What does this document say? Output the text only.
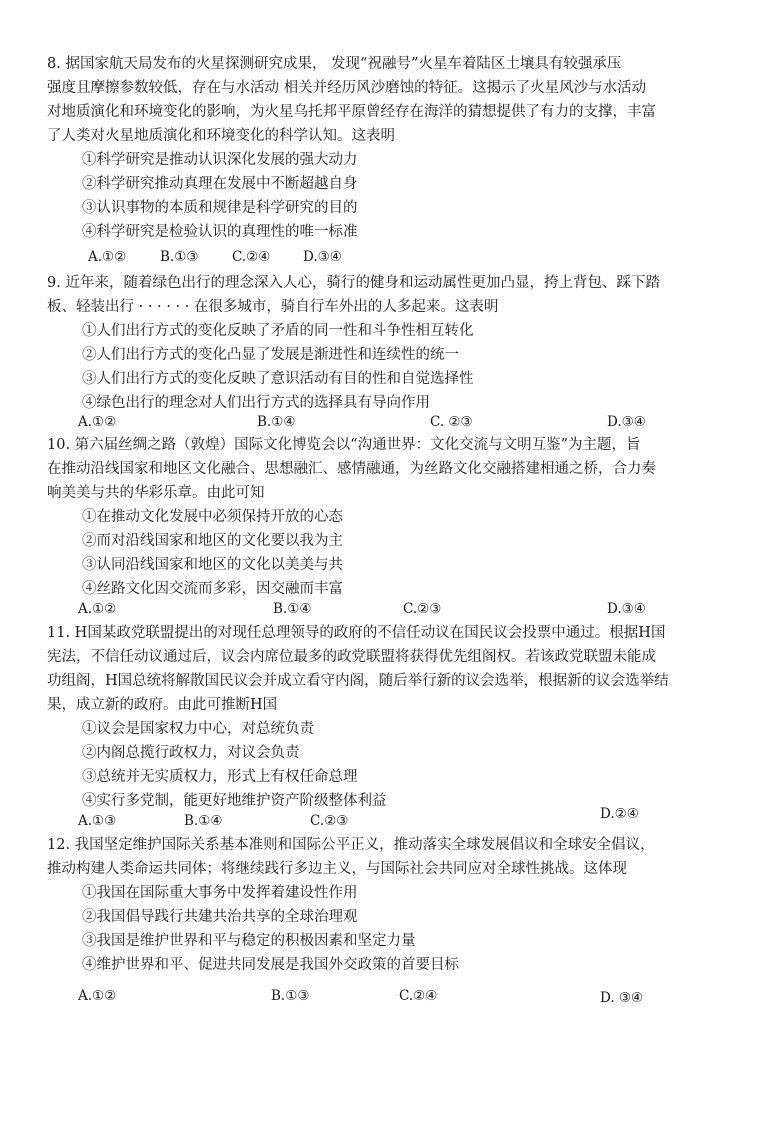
8. 据国家航天局发布的火星探测研究成果， 发现“祝融号”火星车着陆区土壤具有较强承压
强度且摩擦参数较低，存在与水活动 相关并经历风沙磨蚀的特征。这揭示了火星风沙与水活动
对地质演化和环境变化的影响，为火星乌托邦平原曾经存在海洋的猜想提供了有力的支撑，丰富
了人类对火星地质演化和环境变化的科学认知。这表明
①科学研究是推动认识深化发展的强大动力
②科学研究推动真理在发展中不断超越自身
③认识事物的本质和规律是科学研究的目的
④科学研究是检验认识的真理性的唯一标准
A.①②	B.①③ C.②④ D.③④
9. 近年来，随着绿色出行的理念深入人心，骑行的健身和运动属性更加凸显，挎上背包、踩下踏
板、轻装出行 · · · · · · 在很多城市，骑自行车外出的人多起来。这表明
①人们出行方式的变化反映了矛盾的同一性和斗争性相互转化
②人们出行方式的变化凸显了发展是渐进性和连续性的统一
③人们出行方式的变化反映了意识活动有目的性和自觉选择性
④绿色出行的理念对人们出行方式的选择具有导向作用
A.①②	B.①④	C. ②③	D.③④
10. 第六届丝绸之路（敦煌）国际文化博览会以“沟通世界：文化交流与文明互鉴”为主题，旨
在推动沿线国家和地区文化融合、思想融汇、感情融通，为丝路文化交融搭建相通之桥，合力奏
响美美与共的华彩乐章。由此可知
①在推动文化发展中必须保持开放的心态
②而对沿线国家和地区的文化要以我为主
③认同沿线国家和地区的文化以美美与共
④丝路文化因交流而多彩，因交融而丰富
A.①②	B.①④	C.②③	D.③④
11. H国某政党联盟提出的对现任总理领导的政府的不信任动议在国民议会投票中通过。根据H国
宪法，不信任动议通过后，议会内席位最多的政党联盟将获得优先组阁权。若该政党联盟未能成
功组阁，H国总统将解散国民议会并成立看守内阁，随后举行新的议会选举，根据新的议会选举结
果，成立新的政府。由此可推断H国
①议会是国家权力中心，对总统负责
②内阁总揽行政权力，对议会负责
③总统并无实质权力，形式上有权任命总理
④实行多党制，能更好地维护资产阶级整体利益
A.①③	B.①④	C.②③	D.②④
12. 我国坚定维护国际关系基本准则和国际公平正义，推动落实全球发展倡议和全球安全倡议，
推动构建人类命运共同体；将继续践行多边主义，与国际社会共同应对全球性挑战。这体现
①我国在国际重大事务中发挥着建设性作用
②我国倡导践行共建共治共享的全球治理观
③我国是维护世界和平与稳定的积极因素和坚定力量
④维护世界和平、促进共同发展是我国外交政策的首要目标
A.①②	B.①③	C.②④	D. ③④
